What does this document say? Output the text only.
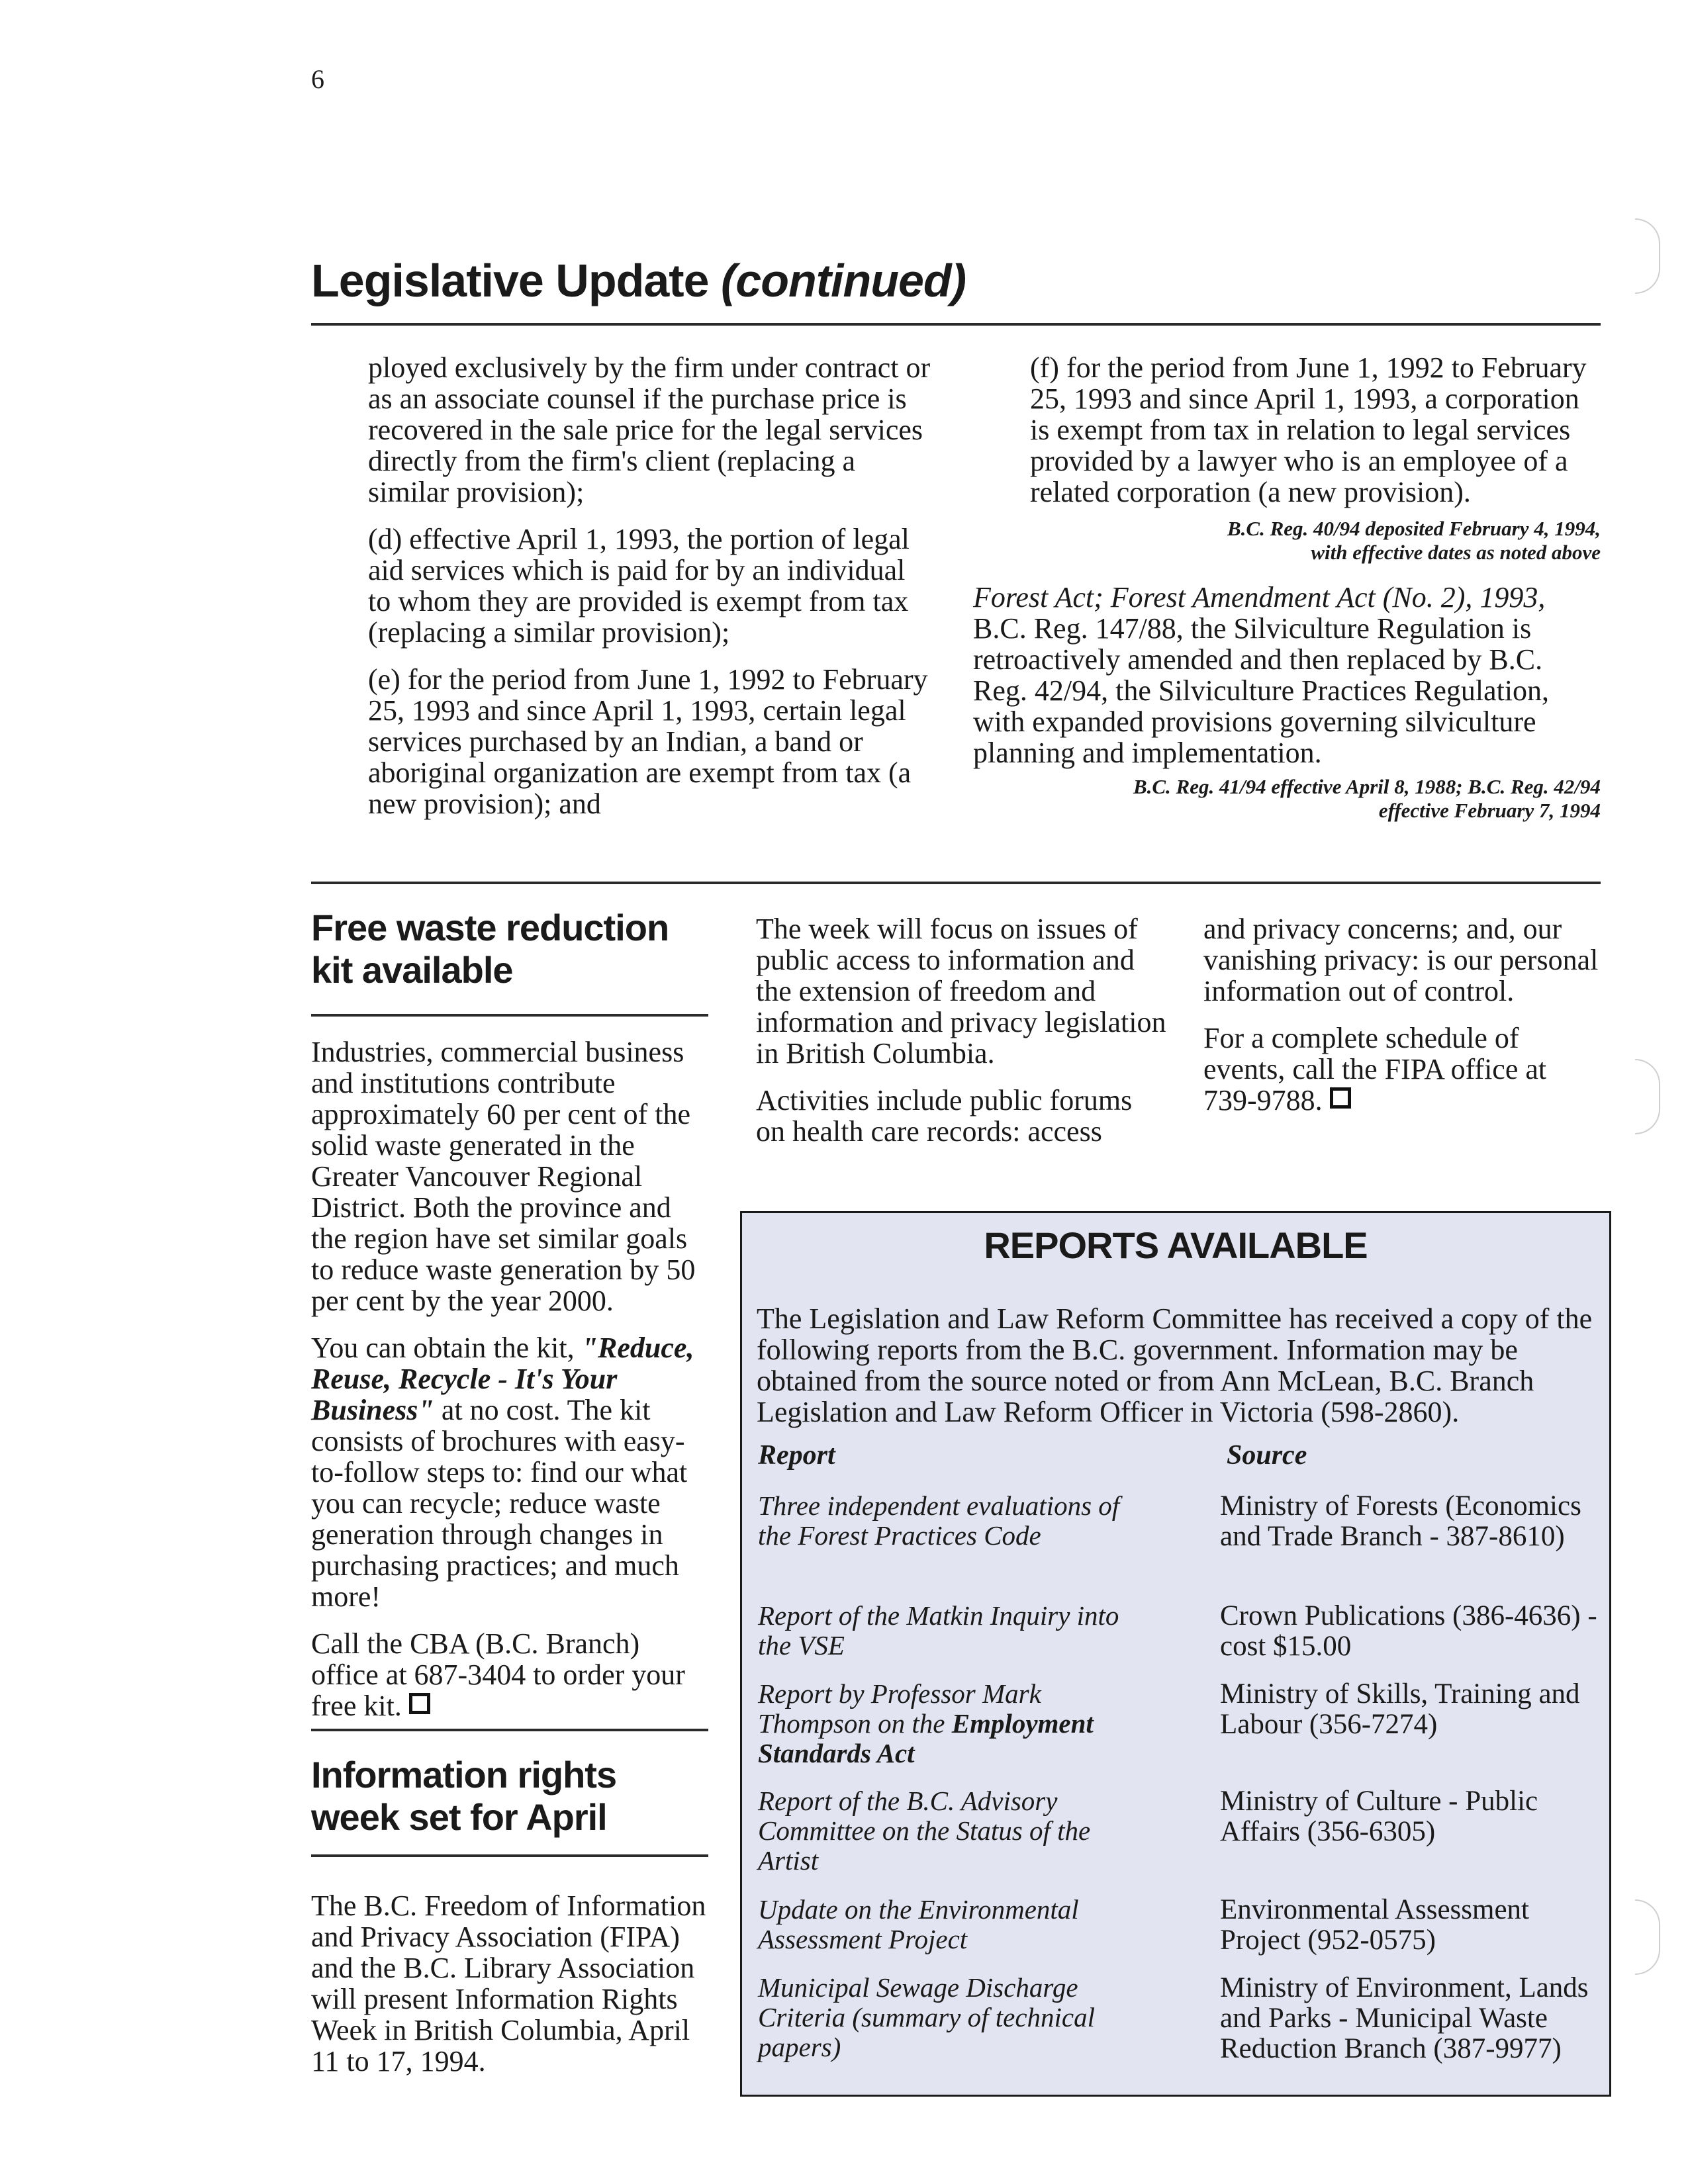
6
Legislative Update (continued)

ployed exclusively by the firm under contract or as an associate counsel if the purchase price is recovered in the sale price for the legal services directly from the firm's client (replacing a similar provision);

(d) effective April 1, 1993, the portion of legal aid services which is paid for by an individual to whom they are provided is exempt from tax (replacing a similar provision);

(e) for the period from June 1, 1992 to February 25, 1993 and since April 1, 1993, certain legal services purchased by an Indian, a band or aboriginal organization are exempt from tax (a new provision); and

(f) for the period from June 1, 1992 to February 25, 1993 and since April 1, 1993, a corporation is exempt from tax in relation to legal services provided by a lawyer who is an employee of a related corporation (a new provision).

B.C. Reg. 40/94 deposited February 4, 1994,
with effective dates as noted above
Forest Act; Forest Amendment Act (No. 2), 1993,
B.C. Reg. 147/88, the Silviculture Regulation is retroactively amended and then replaced by B.C. Reg. 42/94, the Silviculture Practices Regulation, with expanded provisions governing silviculture planning and implementation.
B.C. Reg. 41/94 effective April 8, 1988; B.C. Reg. 42/94
effective February 7, 1994
Free waste reduction kit available

Industries, commercial business and institutions contribute approximately 60 per cent of the solid waste generated in the Greater Vancouver Regional District. Both the province and the region have set similar goals to reduce waste generation by 50 per cent by the year 2000.

You can obtain the kit, "Reduce, Reuse, Recycle - It's Your Business" at no cost. The kit consists of brochures with easy-to-follow steps to: find our what you can recycle; reduce waste generation through changes in purchasing practices; and much more!

Call the CBA (B.C. Branch) office at 687-3404 to order your free kit.

Information rights week set for April
The B.C. Freedom of Information and Privacy Association (FIPA) and the B.C. Library Association will present Information Rights Week in British Columbia, April 11 to 17, 1994.

The week will focus on issues of public access to information and the extension of freedom and information and privacy legislation in British Columbia.

Activities include public forums on health care records: access

and privacy concerns; and, our vanishing privacy: is our personal information out of control.

For a complete schedule of events, call the FIPA office at 739-9788.

REPORTS AVAILABLE
The Legislation and Law Reform Committee has received a copy of the following reports from the B.C. government. Information may be obtained from the source noted or from Ann McLean, B.C. Branch Legislation and Law Reform Officer in Victoria (598-2860).
Report	Source
Three independent evaluations of the Forest Practices Code
Ministry of Forests (Economics and Trade Branch - 387-8610)
Report of the Matkin Inquiry into the VSE
Crown Publications (386-4636) - cost $15.00
Report by Professor Mark Thompson on the Employment Standards Act
Ministry of Skills, Training and Labour (356-7274)
Report of the B.C. Advisory Committee on the Status of the Artist
Ministry of Culture - Public Affairs (356-6305)
Update on the Environmental Assessment Project
Environmental Assessment Project (952-0575)
Municipal Sewage Discharge Criteria (summary of technical papers)
Ministry of Environment, Lands and Parks - Municipal Waste Reduction Branch (387-9977)
